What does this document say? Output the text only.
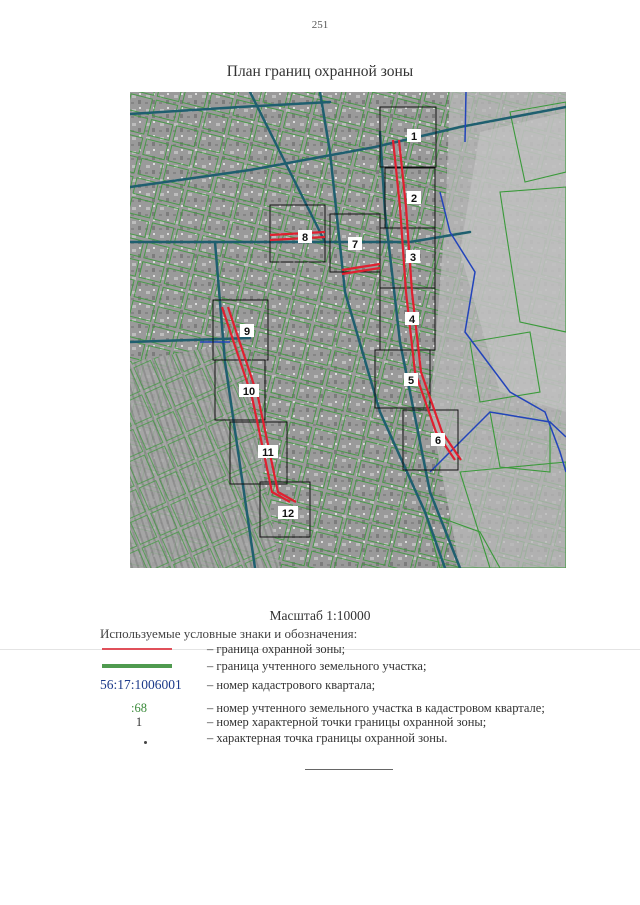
251
План границ охранной зоны
1
2
3
4
5
6
7
8
9
10
11
12
Масштаб 1:10000
Используемые условные знаки и обозначения:
– граница охранной зоны;
– граница учтенного земельного участка;
56:17:1006001 – номер кадастрового квартала;
:68	– номер учтенного земельного участка в кадастровом квартале;
1	– номер характерной точки границы охранной зоны;
– характерная точка границы охранной зоны.
